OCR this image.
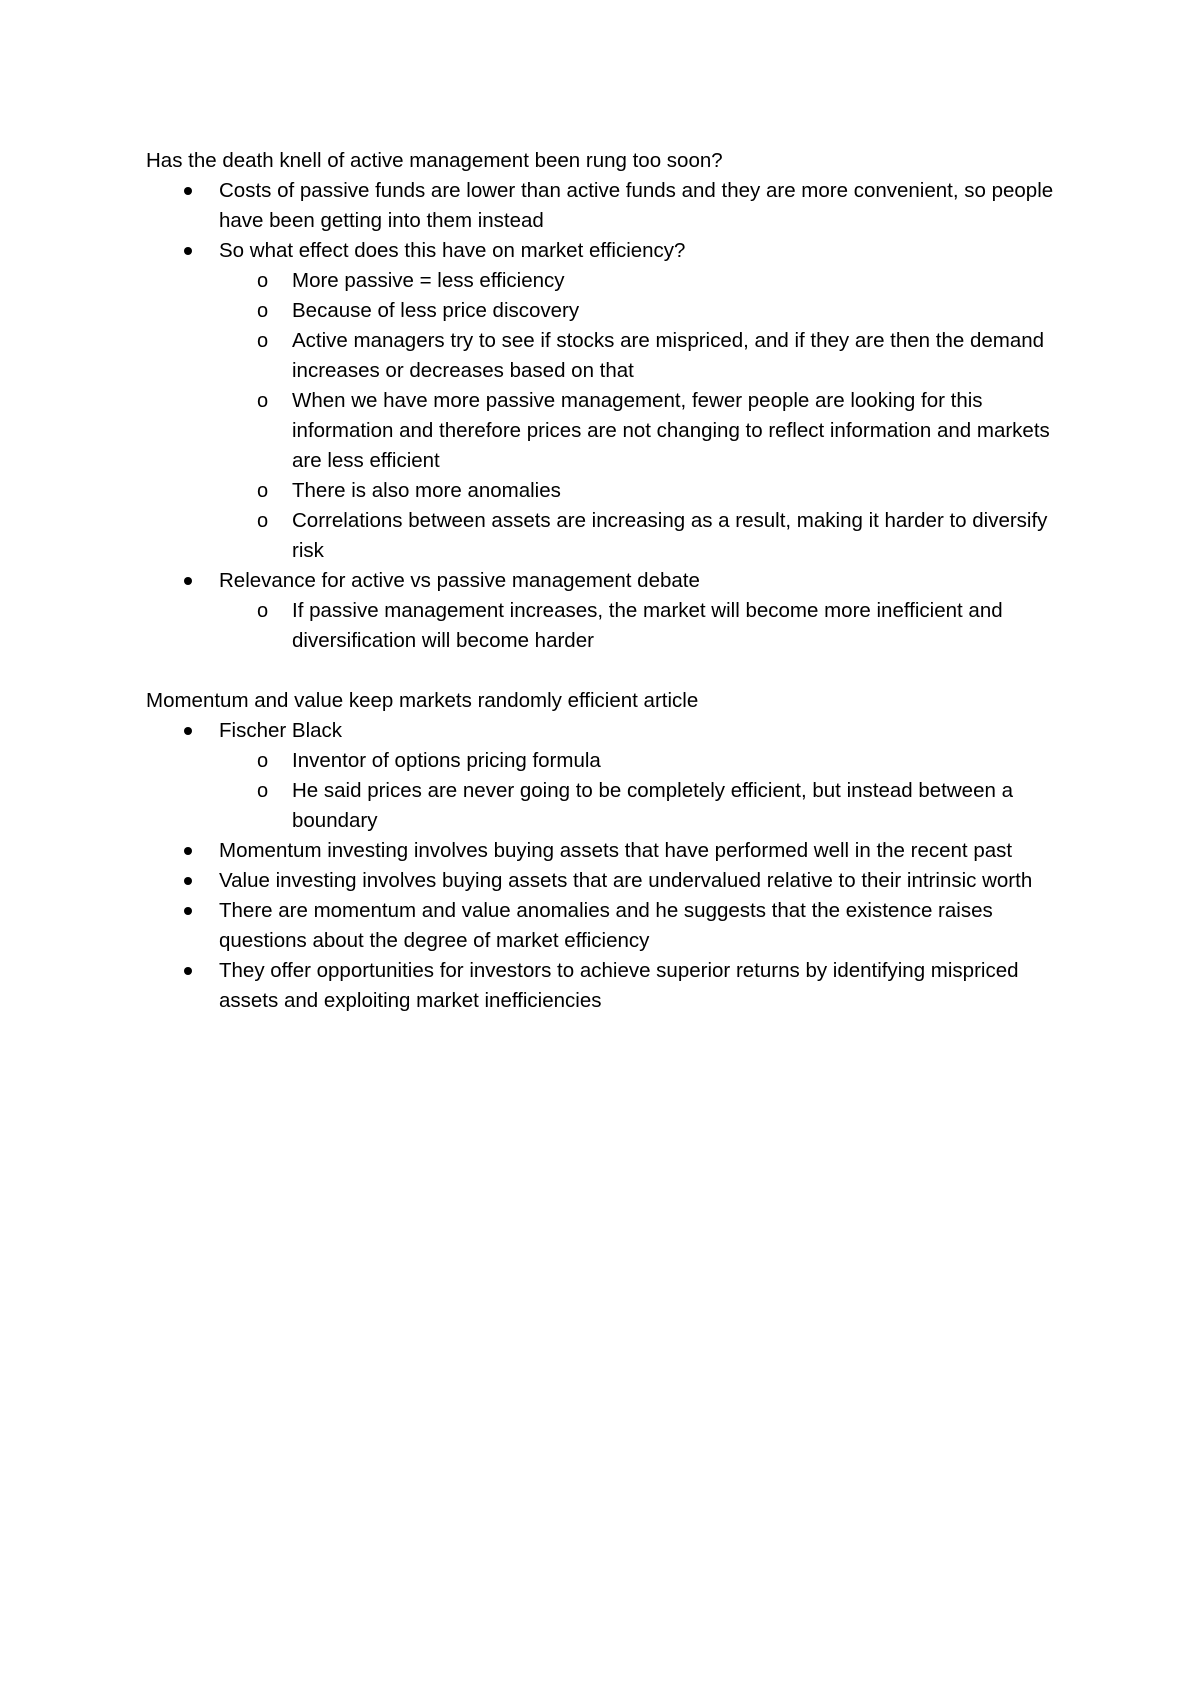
Has the death knell of active management been rung too soon?

Costs of passive funds are lower than active funds and they are more convenient, so people have been getting into them instead
So what effect does this have on market efficiency?
o More passive = less efficiency
o Because of less price discovery
o Active managers try to see if stocks are mispriced, and if they are then the demand increases or decreases based on that
o When we have more passive management, fewer people are looking for this information and therefore prices are not changing to reflect information and markets are less efficient
o There is also more anomalies
o Correlations between assets are increasing as a result, making it harder to diversify risk
Relevance for active vs passive management debate
o If passive management increases, the market will become more inefficient and diversification will become harder

Momentum and value keep markets randomly efficient article

Fischer Black
o Inventor of options pricing formula
o He said prices are never going to be completely efficient, but instead between a boundary
Momentum investing involves buying assets that have performed well in the recent past
Value investing involves buying assets that are undervalued relative to their intrinsic worth
There are momentum and value anomalies and he suggests that the existence raises questions about the degree of market efficiency
They offer opportunities for investors to achieve superior returns by identifying mispriced assets and exploiting market inefficiencies
